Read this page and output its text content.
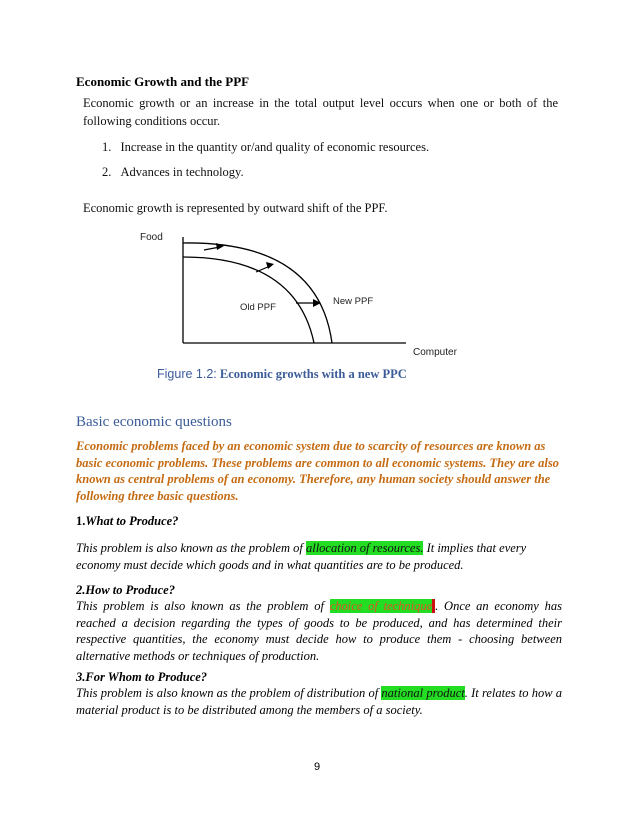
Economic Growth and the PPF
Economic growth or an increase in the total output level occurs when one or both of the following conditions occur.
1. Increase in the quantity or/and quality of economic resources.
2. Advances in technology.
Economic growth is represented by outward shift of the PPF.
Food
Old PPF
New PPF
Computer
Figure 1.2: Economic growths with a new PPC
Basic economic questions
Economic problems faced by an economic system due to scarcity of resources are known as basic economic problems. These problems are common to all economic systems. They are also known as central problems of an economy. Therefore, any human society should answer the following three basic questions.
1.What to Produce?
This problem is also known as the problem of allocation of resources. It implies that every economy must decide which goods and in what quantities are to be produced.
2.How to Produce?
This problem is also known as the problem of choice of technique . Once an economy has reached a decision regarding the types of goods to be produced, and has determined their respective quantities, the economy must decide how to produce them - choosing between alternative methods or techniques of production.
3.For Whom to Produce?
This problem is also known as the problem of distribution of national product. It relates to how a material product is to be distributed among the members of a society.
9
